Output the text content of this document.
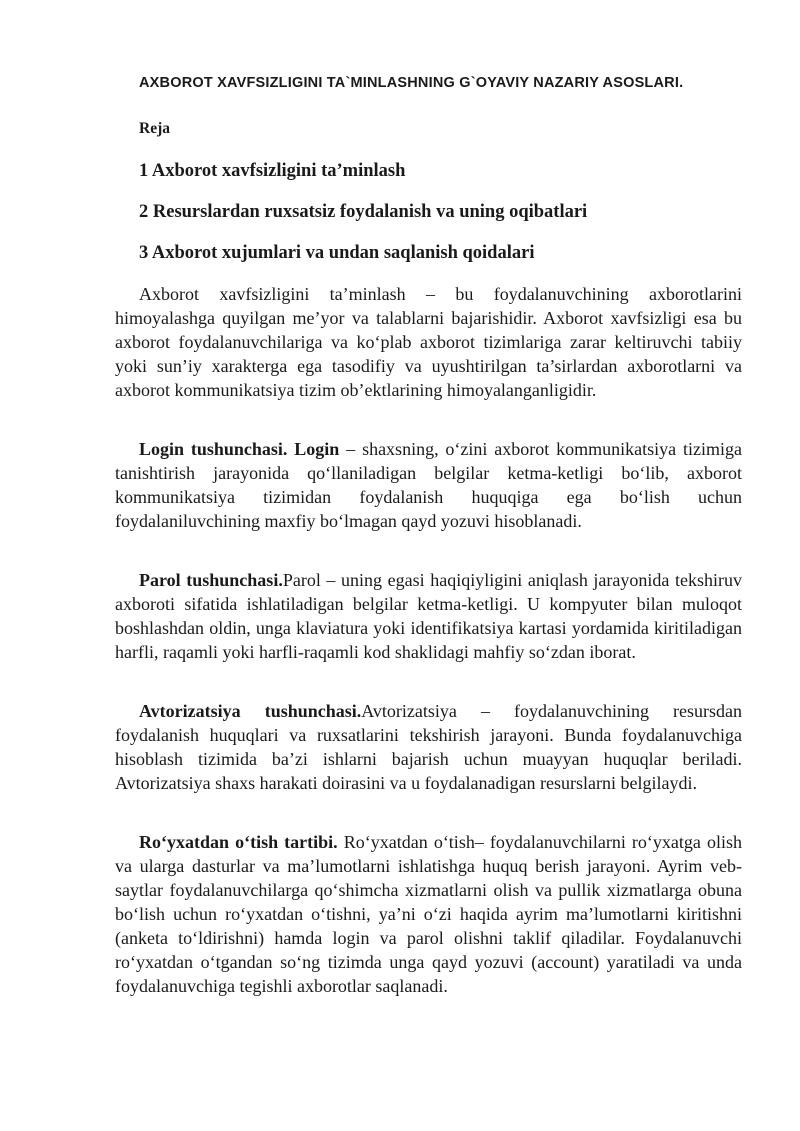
AXBOROT XAVFSIZLIGINI TA`MINLASHNING G`OYAVIY NAZARIY ASOSLARI.

Reja

1 Axborot xavfsizligini ta’minlash

2 Resurslardan ruxsatsiz foydalanish va uning oqibatlari

3 Axborot xujumlari va undan saqlanish qoidalari

Axborot xavfsizligini ta’minlash – bu foydalanuvchining axborotlarini himoyalashga quyilgan me’yor va talablarni bajarishidir. Axborot xavfsizligi esa bu axborot foydalanuvchilariga va ko‘plab axborot tizimlariga zarar keltiruvchi tabiiy yoki sun’iy xarakterga ega tasodifiy va uyushtirilgan ta’sirlardan axborotlarni va axborot kommunikatsiya tizim ob’ektlarining himoyalanganligidir.

Login tushunchasi. Login – shaxsning, o‘zini axborot kommunikatsiya tizimiga tanishtirish jarayonida qo‘llaniladigan belgilar ketma-ketligi bo‘lib, axborot kommunikatsiya tizimidan foydalanish huquqiga ega bo‘lish uchun foydalaniluvchining maxfiy bo‘lmagan qayd yozuvi hisoblanadi.

Parol tushunchasi.Parol – uning egasi haqiqiyligini aniqlash jarayonida tekshiruv axboroti sifatida ishlatiladigan belgilar ketma-ketligi. U kompyuter bilan muloqot boshlashdan oldin, unga klaviatura yoki identifikatsiya kartasi yordamida kiritiladigan harfli, raqamli yoki harfli-raqamli kod shaklidagi mahfiy so‘zdan iborat.

Avtorizatsiya tushunchasi.Avtorizatsiya – foydalanuvchining resursdan foydalanish huquqlari va ruxsatlarini tekshirish jarayoni. Bunda foydalanuvchiga hisoblash tizimida ba’zi ishlarni bajarish uchun muayyan huquqlar beriladi. Avtorizatsiya shaxs harakati doirasini va u foydalanadigan resurslarni belgilaydi.

Ro‘yxatdan o‘tish tartibi. Ro‘yxatdan o‘tish– foydalanuvchilarni ro‘yxatga olish va ularga dasturlar va ma’lumotlarni ishlatishga huquq berish jarayoni. Ayrim veb-saytlar foydalanuvchilarga qo‘shimcha xizmatlarni olish va pullik xizmatlarga obuna bo‘lish uchun ro‘yxatdan o‘tishni, ya’ni o‘zi haqida ayrim ma’lumotlarni kiritishni (anketa to‘ldirishni) hamda login va parol olishni taklif qiladilar. Foydalanuvchi ro‘yxatdan o‘tgandan so‘ng tizimda unga qayd yozuvi (account) yaratiladi va unda foydalanuvchiga tegishli axborotlar saqlanadi.
